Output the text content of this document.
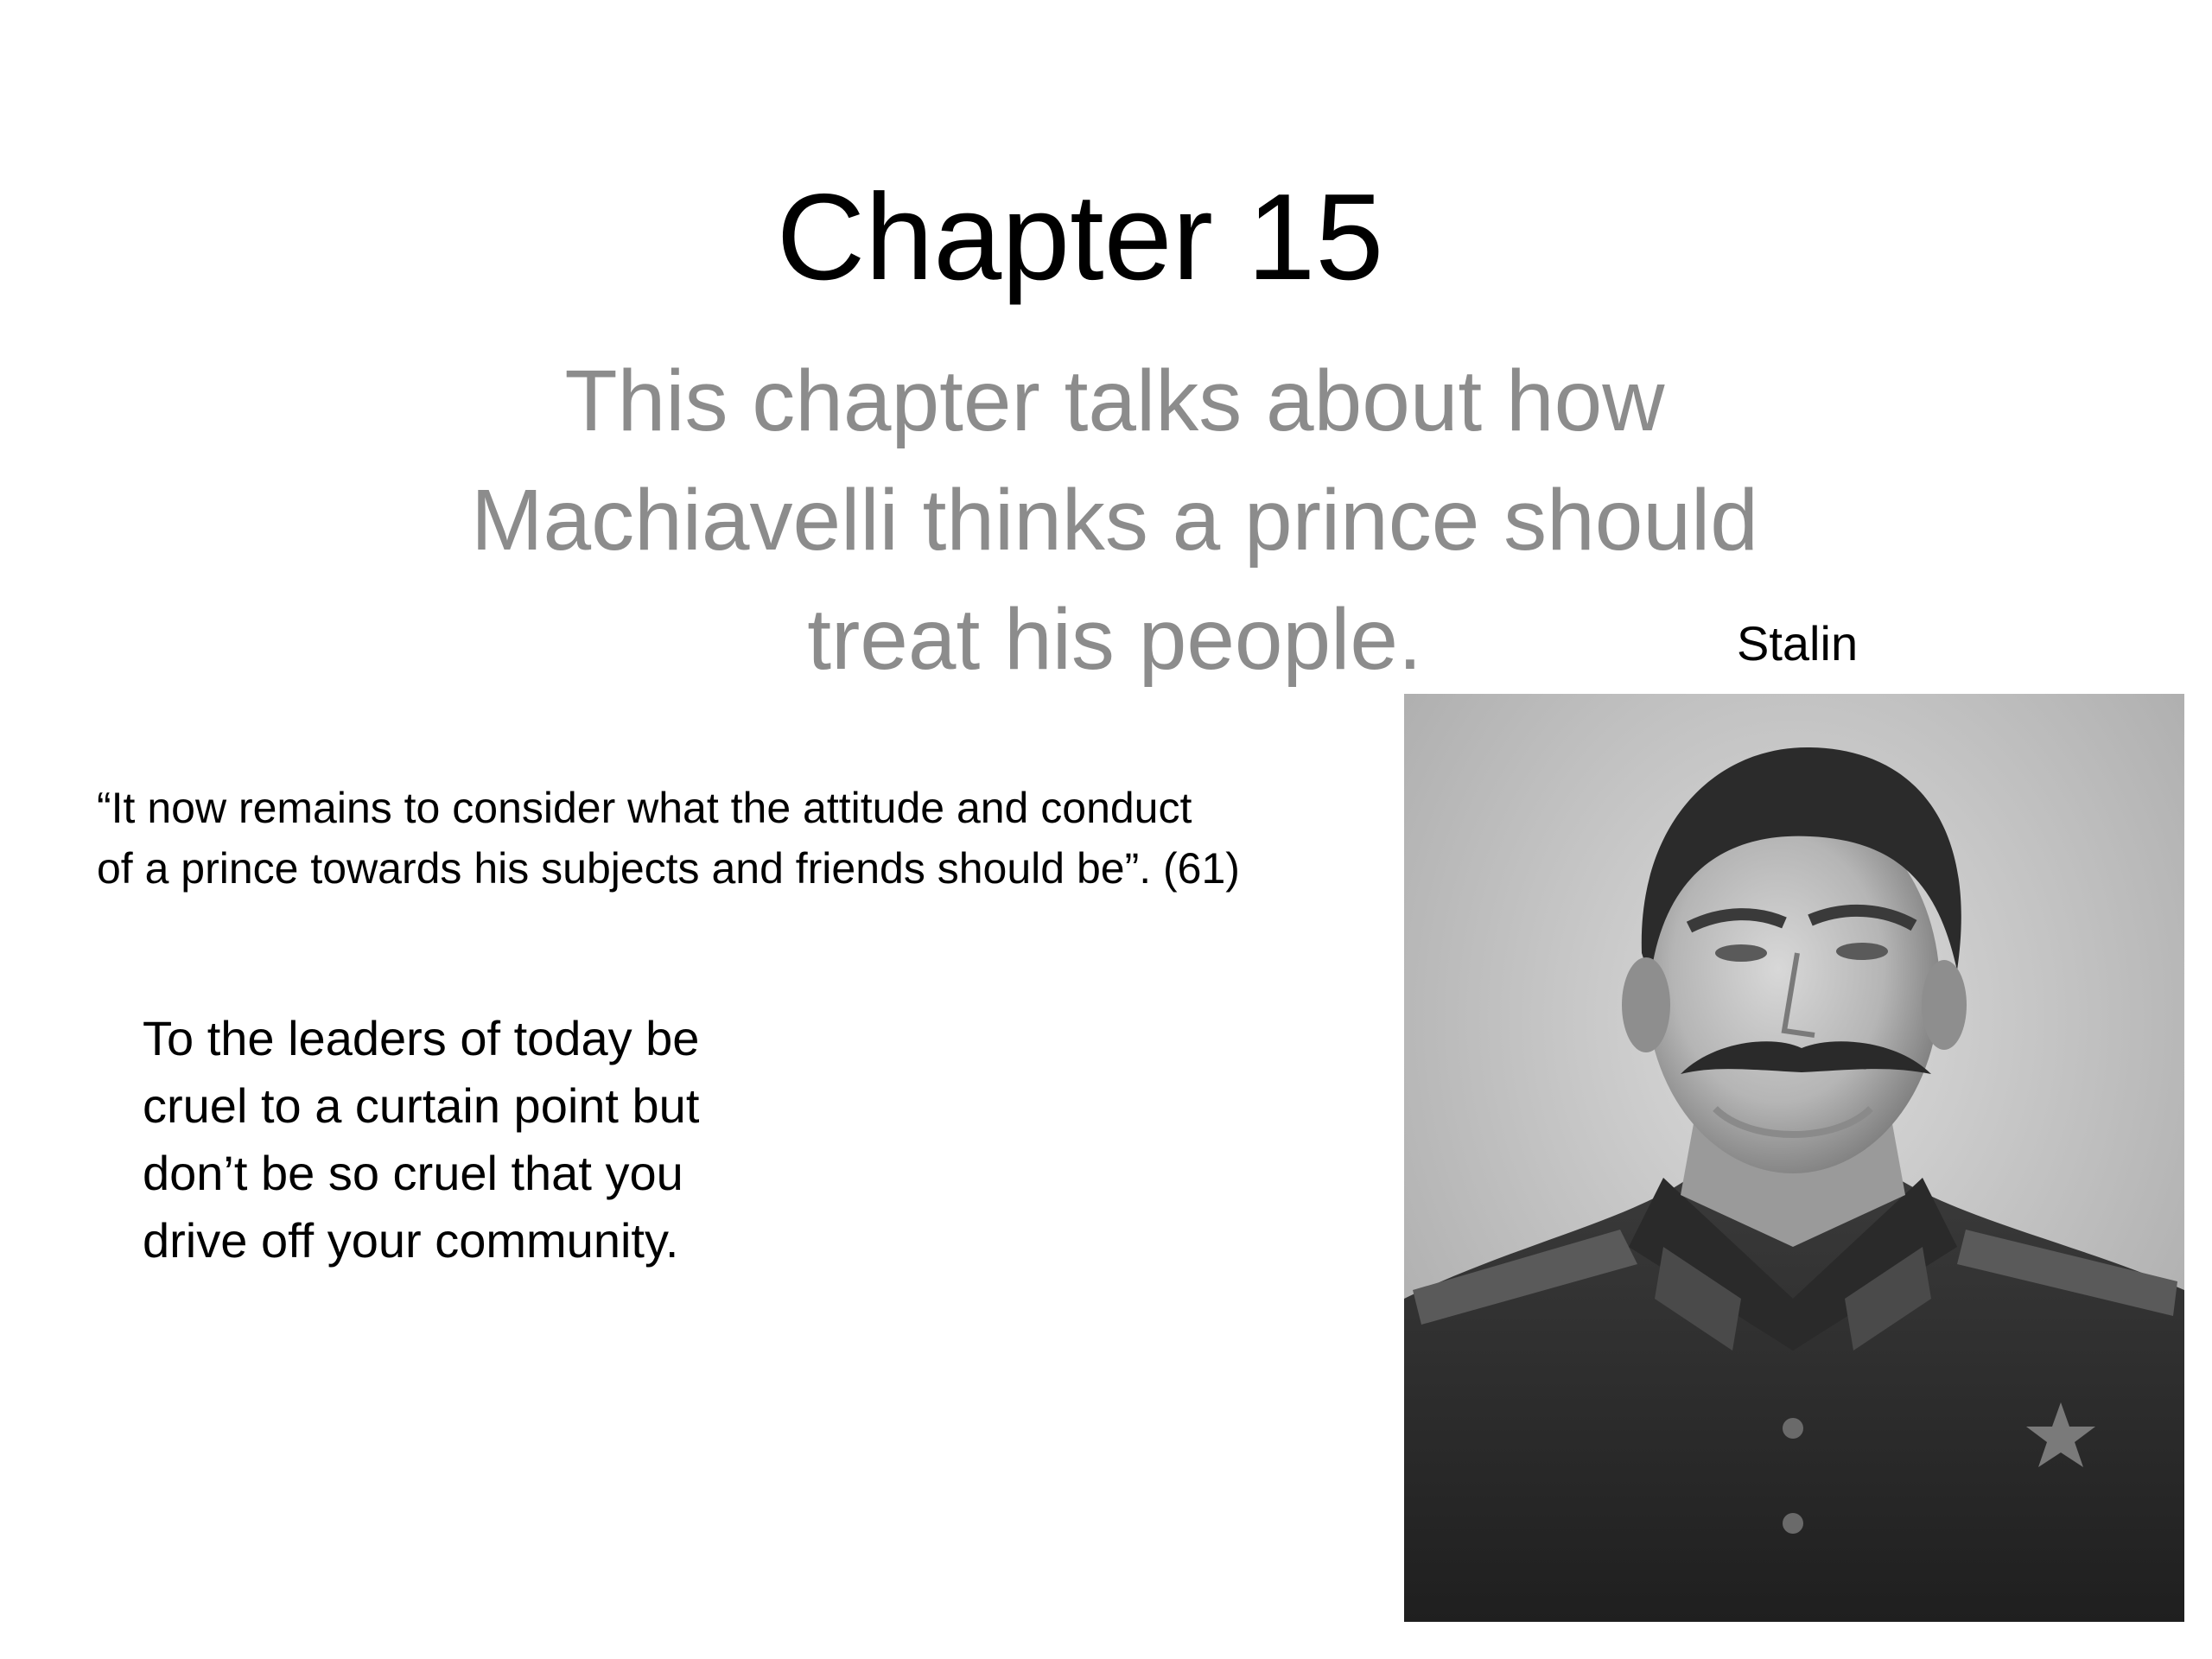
Chapter 15
This chapter talks about how
Machiavelli thinks a prince should
treat his people.
“It now remains to consider what the attitude and conduct
of a prince towards his subjects and friends should be”. (61)
To the leaders of today be
cruel to a curtain point but
don’t be so cruel that you
drive off your community.
Stalin
